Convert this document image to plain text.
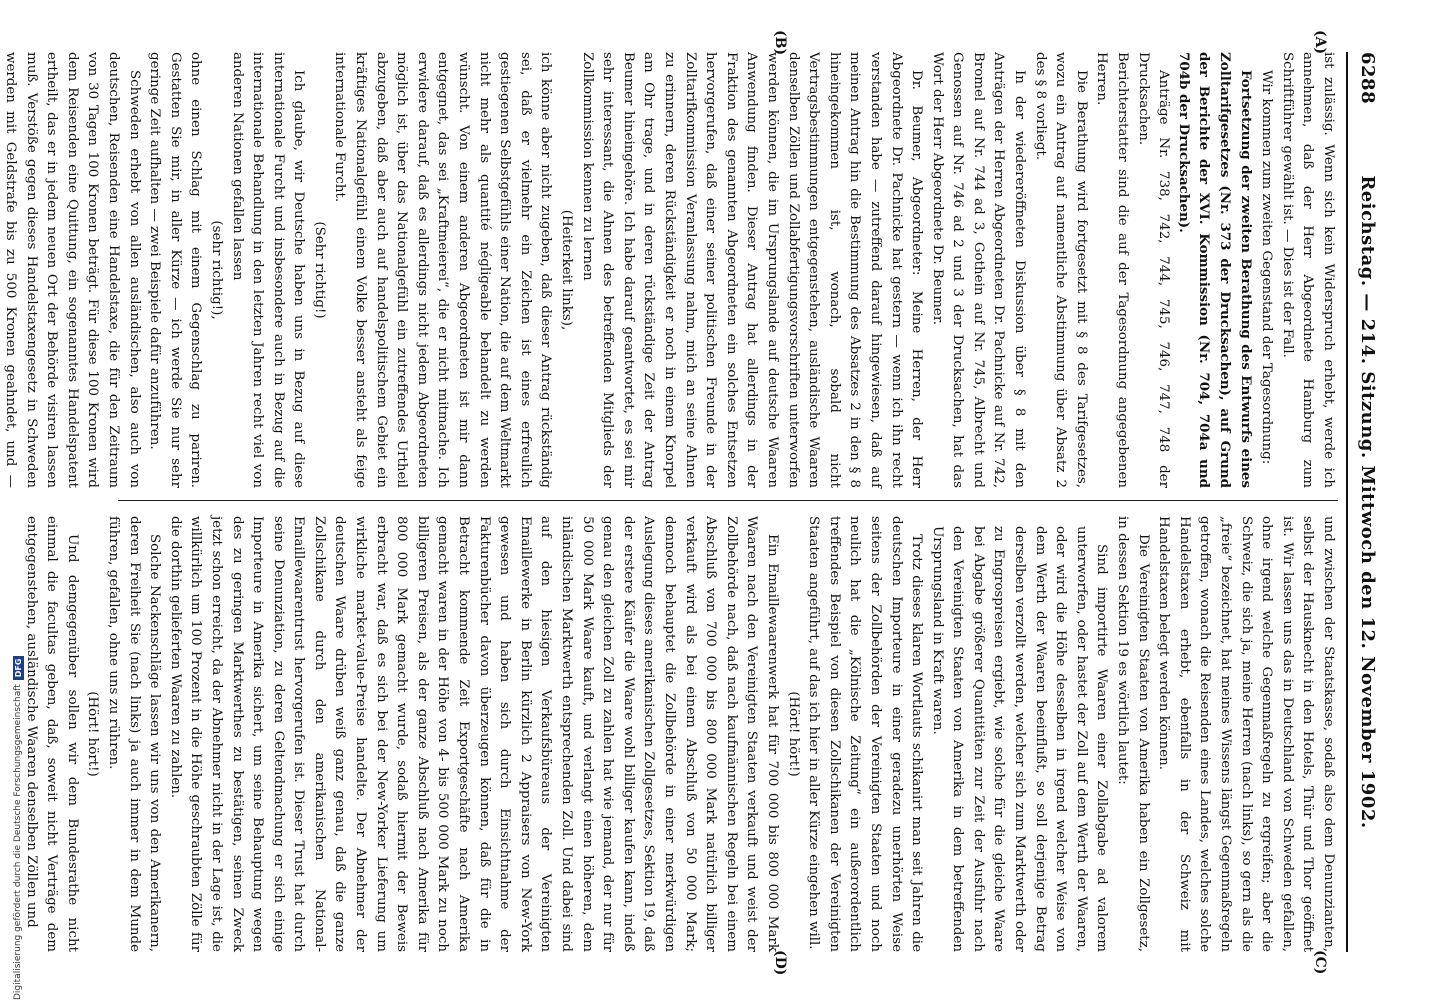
6288
Reichstag. — 214. Sitzung. Mittwoch den 12. November 1902.
(A)
(B)
(C)
(D)

ist zulässig. Wenn sich kein Widerspruch erhebt, werde ich annehmen, daß der Herr Abgeordnete Hamburg zum Schriftführer gewählt ist. — Dies ist der Fall.

Wir kommen zum zweiten Gegenstand der Tagesordnung:

Fortsetzung der zweiten Berathung des Entwurfs eines Zolltarifgesetzes (Nr. 373 der Drucksachen), auf Grund der Berichte der XVI. Kommission (Nr. 704, 704a und 704b der Drucksachen).

Anträge Nr. 738, 742, 744, 745, 746, 747, 748 der Drucksachen.

Berichterstatter sind die auf der Tagesordnung angegebenen Herren.

Die Berathung wird fortgesetzt mit § 8 des Tarifgesetzes, wozu ein Antrag auf namentliche Abstimmung über Absatz 2 des § 8 vorliegt.

In der wiedereröffneten Diskussion über § 8 mit den Anträgen der Herren Abgeordneten Dr. Pachnicke auf Nr. 742, Bromel auf Nr. 744 ad 3, Gothein auf Nr. 745, Albrecht und Genossen auf Nr. 746 ad 2 und 3 der Drucksachen, hat das Wort der Herr Abgeordnete Dr. Beumer.

Dr. Beumer, Abgeordneter: Meine Herren, der Herr Abgeordnete Dr. Pachnicke hat gestern — wenn ich ihn recht verstanden habe — zutreffend darauf hingewiesen, daß auf meinen Antrag hin die Bestimmung des Absatzes 2 in den § 8 hineingekommen ist, wonach, sobald nicht Vertragsbestimmungen entgegenstehen, ausländische Waaren denselben Zöllen und Zollabfertigungsvorschriften unterworfen werden können, die im Ursprungslande auf deutsche Waaren Anwendung finden. Dieser Antrag hat allerdings in der Fraktion des genannten Abgeordneten ein solches Entsetzen hervorgerufen, daß einer seiner politischen Freunde in der Zolltarifkommission Veranlassung nahm, mich an seine Ahnen zu erinnern, deren Rückständigkeit er noch in einem Knorpel am Ohr trage, und in deren rückständige Zeit der Antrag Beumer hineingehöre. Ich habe darauf geantwortet, es sei mir sehr interessant, die Ahnen des betreffenden Mitglieds der Zollkommission kennen zu lernen

(Heiterkeit links),

ich könne aber nicht zugeben, daß dieser Antrag rückständig sei, daß er vielmehr ein Zeichen ist eines erfreulich gestiegenen Selbstgefühls einer Nation, die auf dem Weltmarkt nicht mehr als quantité négligeable behandelt zu werden wünscht. Von einem anderen Abgeordneten ist mir dann entgegnet, das sei „Kraftmeierei“, die er nicht mitmache. Ich erwidere darauf, daß es allerdings nicht jedem Abgeordneten möglich ist, über das Nationalgefühl ein zutreffendes Urtheil abzugeben, daß aber auch auf handelspolitischem Gebiet ein kräftiges Nationalgefühl einem Volke besser ansteht als feige internationale Furcht.

(Sehr richtig!)

Ich glaube, wir Deutsche haben uns in Bezug auf diese internationale Furcht und insbesondere auch in Bezug auf die internationale Behandlung in den letzten Jahren recht viel von anderen Nationen gefallen lassen

(sehr richtig!),

ohne einen Schlag mit einem Gegenschlag zu pariren. Gestatten Sie mir, in aller Kürze — ich werde Sie nur sehr geringe Zeit aufhalten — zwei Beispiele dafür anzuführen.

Schweden erhebt von allen ausländischen, also auch von deutschen, Reisenden eine Handelstaxe, die für den Zeitraum von 30 Tagen 100 Kronen beträgt. Für diese 100 Kronen wird dem Reisenden eine Quittung, ein sogenanntes Handelspatent ertheilt, das er in jedem neuen Ort der Behörde visiren lassen muß. Verstöße gegen dieses Handelstaxengesetz in Schweden werden mit Geldstrafe bis zu 500 Kronen geahndet, und —

und zwischen der Staatskasse, sodaß also dem Denunzianten, selbst der Hausknecht in den Hotels, Thür und Thor geöffnet ist. Wir lassen uns das in Deutschland von Schweden gefallen, ohne irgend welche Gegenmaßregeln zu ergreifen; aber die Schweiz, die sich ja, meine Herren (nach links), so gern als die „freie“ bezeichnet, hat meines Wissens längst Gegenmaßregeln getroffen, wonach die Reisenden eines Landes, welches solche Handelstaxen erhebt, ebenfalls in der Schweiz mit Handelstaxen belegt werden können.

Die Vereinigten Staaten von Amerika haben ein Zollgesetz, in dessen Sektion 19 es wörtlich lautet:

Sind importirte Waaren einer Zollabgabe ad valorem unterworfen, oder hastet der Zoll auf dem Werth der Waaren, oder wird die Höhe desselben in irgend welcher Weise von dem Werth der Waaren beeinflußt, so soll derjenige Betrag derselben verzollt werden, welcher sich zum Marktwerth oder zu Engrospreisen ergiebt, wie solche für die gleiche Waare bei Abgabe größerer Quantitäten zur Zeit der Ausfuhr nach den Vereinigten Staaten von Amerika in dem betreffenden Ursprungsland in Kraft waren.

Trotz dieses klaren Wortlauts schikanirt man seit Jahren die deutschen Importeure in einer geradezu unerhörten Weise seitens der Zollbehörden der Vereinigten Staaten und noch neulich hat die „Kölnische Zeitung“ ein außerordentlich treffendes Beispiel von diesen Zollschikanen der Vereinigten Staaten angeführt, auf das ich hier in aller Kürze eingehen will.

(Hört! hört!)

Ein Emaillewaarenwerk hat für 700 000 bis 800 000 Mark Waaren nach den Vereinigten Staaten verkauft und weist der Zollbehörde nach, daß nach kaufmännischen Regeln bei einem Abschluß von 700 000 bis 800 000 Mark natürlich billiger verkauft wird als bei einem Abschluß von 50 000 Mark; dennoch behauptet die Zollbehörde in einer merkwürdigen Auslegung dieses amerikanischen Zollgesetzes, Sektion 19, daß der erstere Käufer die Waare wohl billiger kaufen kann, indeß genau den gleichen Zoll zu zahlen hat wie jemand, der nur für 50 000 Mark Waare kauft, und verlangt einen höheren, dem inländischen Marktwerth entsprechenden Zoll. Und dabei sind auf den hiesigen Verkaufsbüreaus der Vereinigten Emaillewerke in Berlin kürzlich 2 Appraisers von New-York gewesen und haben sich durch Einsichtnahme der Fakturenbücher davon überzeugen können, daß für die in Betracht kommende Zeit Exportgeschäfte nach Amerika gemacht waren in der Höhe von 4- bis 500 000 Mark zu noch billigeren Preisen, als der ganze Abschluß nach Amerika für 800 000 Mark gemacht wurde, sodaß hiermit der Beweis erbracht war, daß es sich bei der New-Yorker Lieferung um wirkliche market-value-Preise handelte. Der Abnehmer der deutschen Waare drüben weiß ganz genau, daß die ganze Zollschikane durch den amerikanischen National-Emaillewaarentrust hervorgerufen ist. Dieser Trust hat durch seine Denunziation, zu deren Geltendmachung er sich einige Importeure in Amerika sichert, um seine Behauptung wegen des zu geringen Marktwerthes zu bestätigen, seinen Zweck jetzt schon erreicht, da der Abnehmer nicht in der Lage ist, die willkürlich um 100 Prozent in die Höhe geschraubten Zölle für die dorthin gelieferten Waaren zu zahlen.

Solche Nackenschläge lassen wir uns von den Amerikanern, deren Freiheit Sie (nach links) ja auch immer in dem Munde führen, gefallen, ohne uns zu rühren.

(Hört! hört!)

Und demgegenüber sollen wir dem Bundesrathe nicht einmal die facultas geben, daß, soweit nicht Verträge dem entgegenstehen, ausländische Waaren denselben Zöllen und

Digitalisierung gefördert durch die Deutsche Forschungsgemeinschaft
DFG
